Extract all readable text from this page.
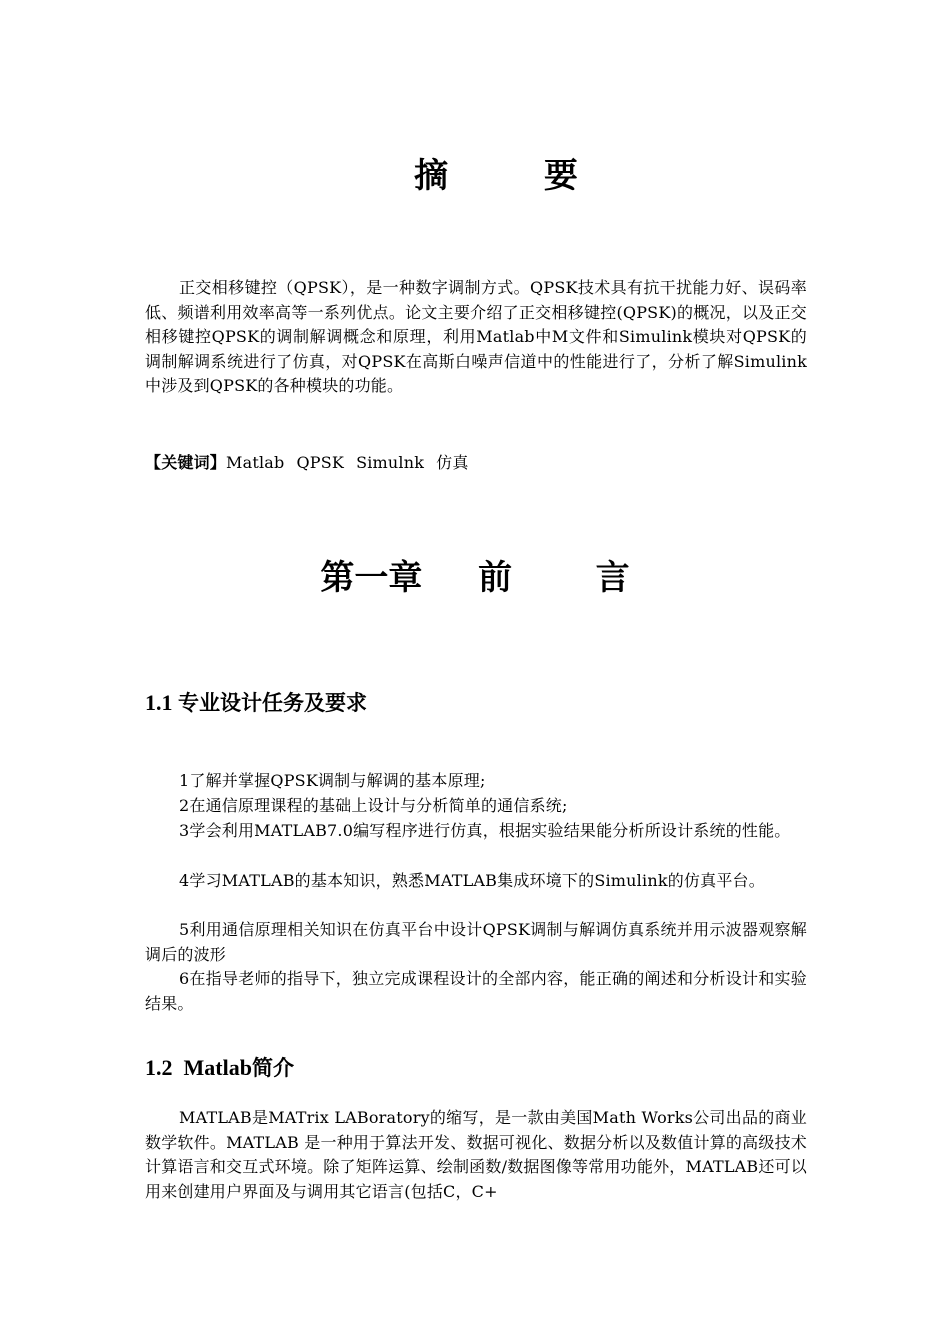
摘 要
正交相移键控（QPSK），是一种数字调制方式。QPSK技术具有抗干扰能力好、误码率低、频谱利用效率高等一系列优点。论文主要介绍了正交相移键控(QPSK)的概况，以及正交相移键控QPSK的调制解调概念和原理，利用Matlab中M文件和Simulink模块对QPSK的调制解调系统进行了仿真，对QPSK在高斯白噪声信道中的性能进行了，分析了解Simulink中涉及到QPSK的各种模块的功能。
【关键词】Matlab QPSK Simulnk 仿真
第一章  前   言
1.1 专业设计任务及要求
1了解并掌握QPSK调制与解调的基本原理;
2在通信原理课程的基础上设计与分析简单的通信系统;
3学会利用MATLAB7.0编写程序进行仿真，根据实验结果能分析所设计系统的性能。
4学习MATLAB的基本知识，熟悉MATLAB集成环境下的Simulink的仿真平台。
5利用通信原理相关知识在仿真平台中设计QPSK调制与解调仿真系统并用示波器观察解调后的波形
6在指导老师的指导下，独立完成课程设计的全部内容，能正确的阐述和分析设计和实验结果。
1.2 Matlab简介
MATLAB是MATrix LABoratory的缩写，是一款由美国Math Works公司出品的商业数学软件。MATLAB 是一种用于算法开发、数据可视化、数据分析以及数值计算的高级技术计算语言和交互式环境。除了矩阵运算、绘制函数/数据图像等常用功能外，MATLAB还可以用来创建用户界面及与调用其它语言(包括C，C+
